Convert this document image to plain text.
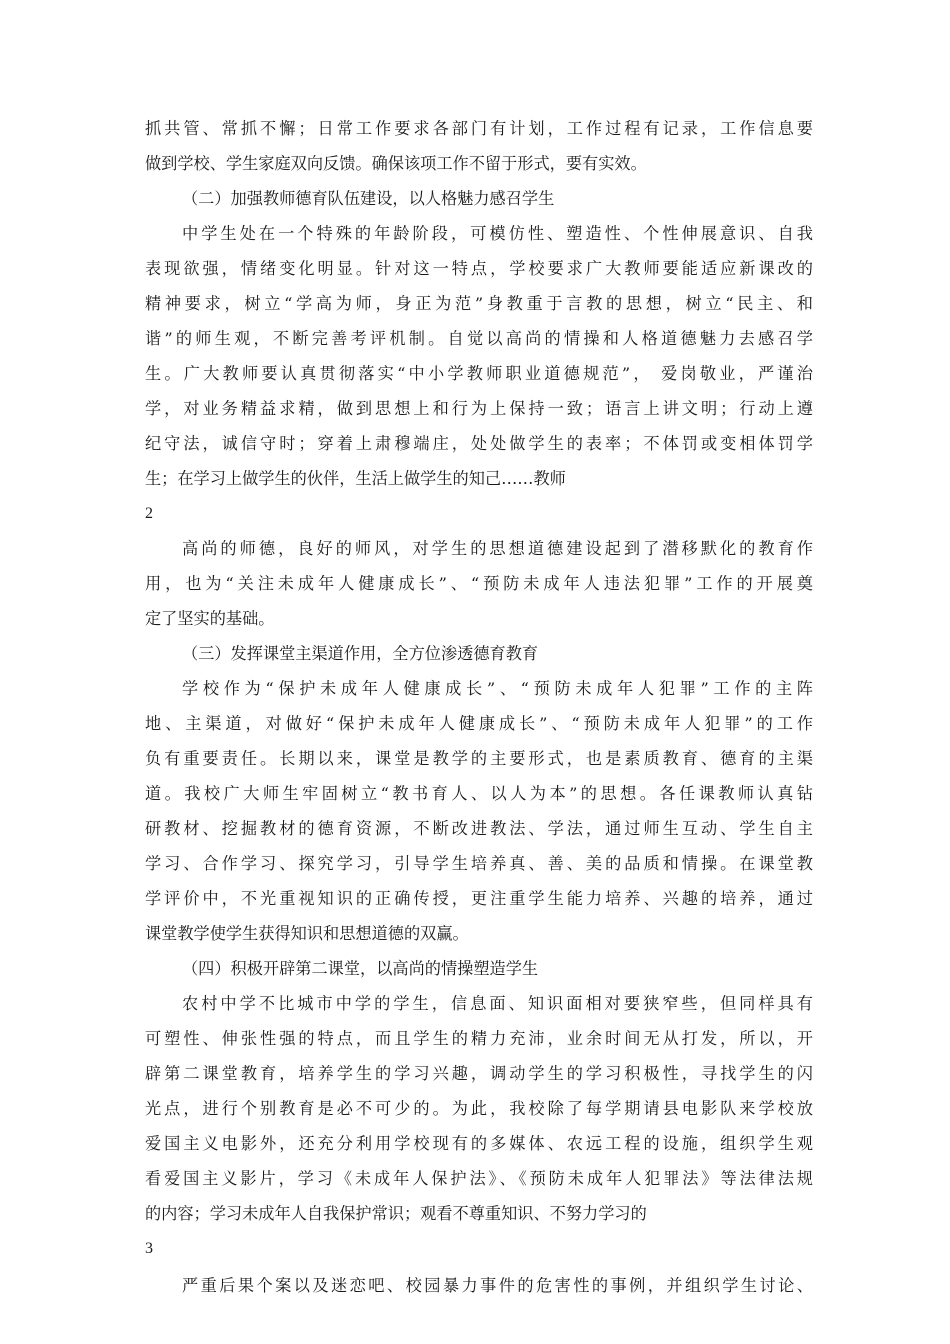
抓共管、常抓不懈；日常工作要求各部门有计划，工作过程有记录，工作信息要
做到学校、学生家庭双向反馈。确保该项工作不留于形式，要有实效。
（二）加强教师德育队伍建设，以人格魅力感召学生
中学生处在一个特殊的年龄阶段，可模仿性、塑造性、个性伸展意识、自我
表现欲强，情绪变化明显。针对这一特点，学校要求广大教师要能适应新课改的
精神要求，树立“学高为师，身正为范”身教重于言教的思想，树立“民主、和
谐”的师生观，不断完善考评机制。自觉以高尚的情操和人格道德魅力去感召学
生。广大教师要认真贯彻落实“中小学教师职业道德规范”， 爱岗敬业，严谨治
学，对业务精益求精，做到思想上和行为上保持一致；语言上讲文明；行动上遵
纪守法，诚信守时；穿着上肃穆端庄，处处做学生的表率；不体罚或变相体罚学
生；在学习上做学生的伙伴，生活上做学生的知己……教师
2
高尚的师德，良好的师风，对学生的思想道德建设起到了潜移默化的教育作
用，也为“关注未成年人健康成长”、“预防未成年人违法犯罪”工作的开展奠
定了坚实的基础。
（三）发挥课堂主渠道作用，全方位渗透德育教育
学校作为“保护未成年人健康成长”、“预防未成年人犯罪”工作的主阵
地、主渠道，对做好“保护未成年人健康成长”、“预防未成年人犯罪”的工作
负有重要责任。长期以来，课堂是教学的主要形式，也是素质教育、德育的主渠
道。我校广大师生牢固树立“教书育人、以人为本”的思想。各任课教师认真钻
研教材、挖掘教材的德育资源，不断改进教法、学法，通过师生互动、学生自主
学习、合作学习、探究学习，引导学生培养真、善、美的品质和情操。在课堂教
学评价中，不光重视知识的正确传授，更注重学生能力培养、兴趣的培养，通过
课堂教学使学生获得知识和思想道德的双赢。
（四）积极开辟第二课堂，以高尚的情操塑造学生
农村中学不比城市中学的学生，信息面、知识面相对要狭窄些，但同样具有
可塑性、伸张性强的特点，而且学生的精力充沛，业余时间无从打发，所以，开
辟第二课堂教育，培养学生的学习兴趣，调动学生的学习积极性，寻找学生的闪
光点，进行个别教育是必不可少的。为此，我校除了每学期请县电影队来学校放
爱国主义电影外，还充分利用学校现有的多媒体、农远工程的设施，组织学生观
看爱国主义影片，学习《未成年人保护法》、《预防未成年人犯罪法》等法律法规
的内容；学习未成年人自我保护常识；观看不尊重知识、不努力学习的
3
严重后果个案以及迷恋吧、校园暴力事件的危害性的事例，并组织学生讨论、
